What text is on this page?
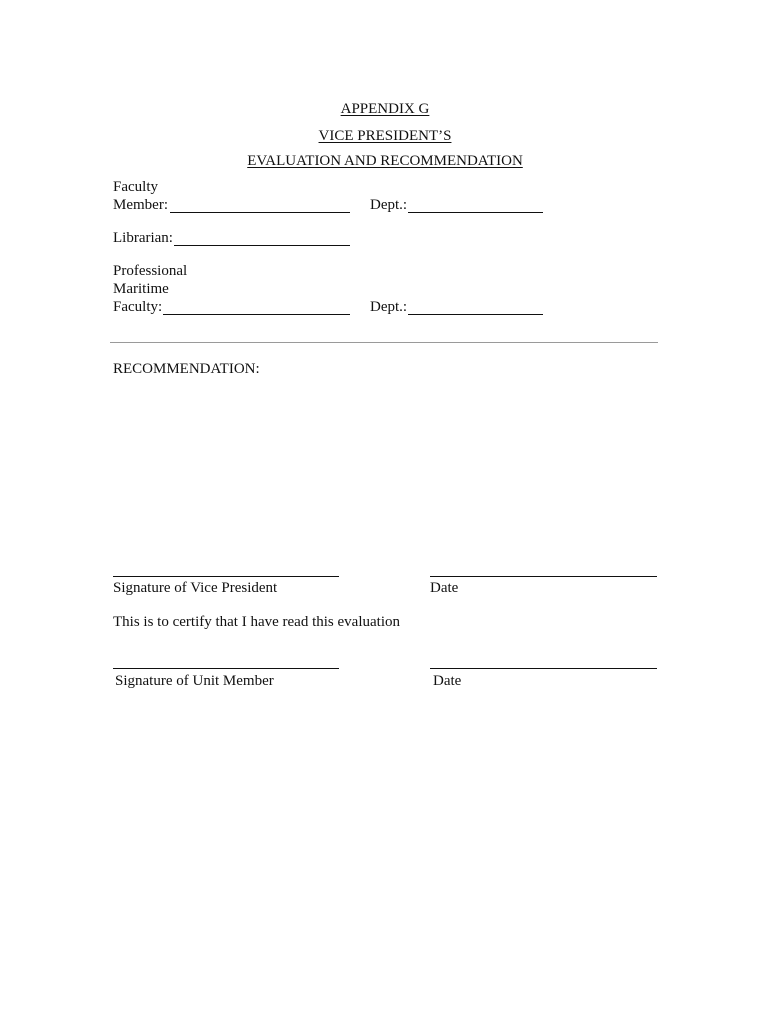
APPENDIX G
VICE PRESIDENT’S
EVALUATION AND RECOMMENDATION
Faculty
Member:	Dept.:
Librarian:
Professional
Maritime
Faculty:	Dept.:
RECOMMENDATION:
Signature of Vice President	Date
This is to certify that I have read this evaluation
Signature of Unit Member	Date
